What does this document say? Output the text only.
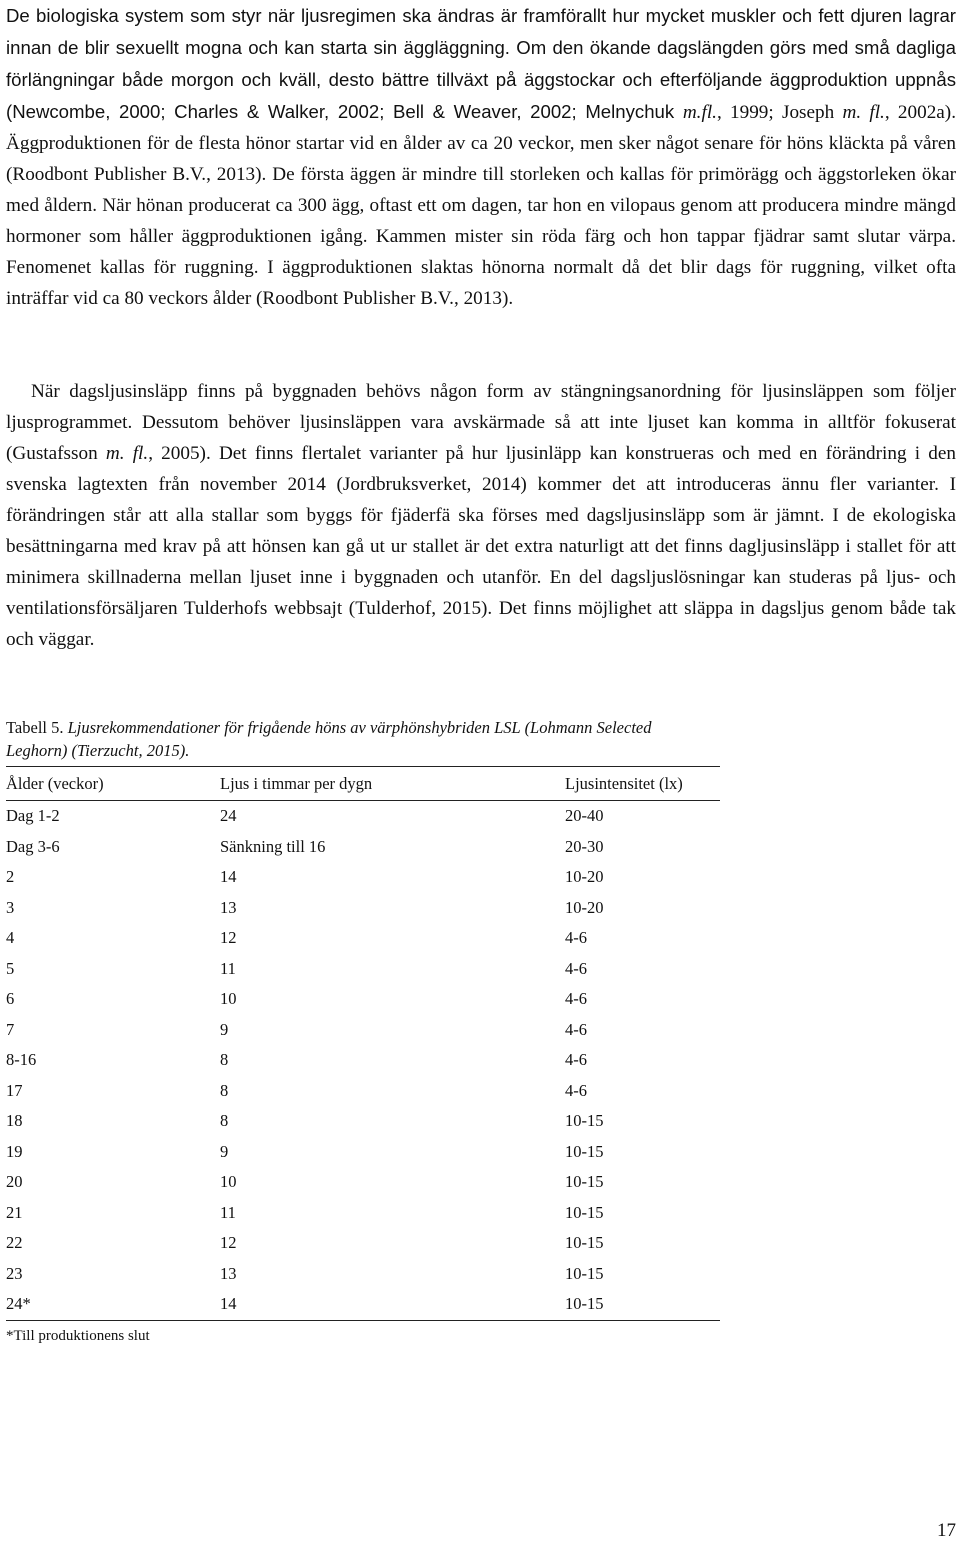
De biologiska system som styr när ljusregimen ska ändras är framförallt hur mycket muskler och fett djuren lagrar innan de blir sexuellt mogna och kan starta sin äggläggning. Om den ökande dagslängden görs med små dagliga förlängningar både morgon och kväll, desto bättre tillväxt på äggstockar och efterföljande äggproduktion uppnås (Newcombe, 2000; Charles & Walker, 2002; Bell & Weaver, 2002; Melnychuk m.fl., 1999; Joseph m. fl., 2002a). Äggproduktionen för de flesta hönor startar vid en ålder av ca 20 veckor, men sker något senare för höns kläckta på våren (Roodbont Publisher B.V., 2013). De första äggen är mindre till storleken och kallas för primörägg och äggstorleken ökar med åldern. När hönan producerat ca 300 ägg, oftast ett om dagen, tar hon en vilopaus genom att producera mindre mängd hormoner som håller äggproduktionen igång. Kammen mister sin röda färg och hon tappar fjädrar samt slutar värpa. Fenomenet kallas för ruggning. I äggproduktionen slaktas hönorna normalt då det blir dags för ruggning, vilket ofta inträffar vid ca 80 veckors ålder (Roodbont Publisher B.V., 2013).

När dagsljusinsläpp finns på byggnaden behövs någon form av stängningsanordning för ljusinsläppen som följer ljusprogrammet. Dessutom behöver ljusinsläppen vara avskärmade så att inte ljuset kan komma in alltför fokuserat (Gustafsson m. fl., 2005). Det finns flertalet varianter på hur ljusinläpp kan konstrueras och med en förändring i den svenska lagtexten från november 2014 (Jordbruksverket, 2014) kommer det att introduceras ännu fler varianter. I förändringen står att alla stallar som byggs för fjäderfä ska förses med dagsljusinsläpp som är jämnt. I de ekologiska besättningarna med krav på att hönsen kan gå ut ur stallet är det extra naturligt att det finns dagljusinsläpp i stallet för att minimera skillnaderna mellan ljuset inne i byggnaden och utanför. En del dagsljuslösningar kan studeras på ljus- och ventilationsförsäljaren Tulderhofs webbsajt (Tulderhof, 2015). Det finns möjlighet att släppa in dagsljus genom både tak och väggar.

Tabell 5. Ljusrekommendationer för frigående höns av värphönshybriden LSL (Lohmann Selected Leghorn) (Tierzucht, 2015).

Ålder (veckor)	Ljus i timmar per dygn	Ljusintensitet (lx)
Dag 1-2	24	20-40
Dag 3-6	Sänkning till 16	20-30
2	14	10-20
3	13	10-20
4	12	4-6
5	11	4-6
6	10	4-6
7	9	4-6
8-16	8	4-6
17	8	4-6
18	8	10-15
19	9	10-15
20	10	10-15
21	11	10-15
22	12	10-15
23	13	10-15
24*	14	10-15

*Till produktionens slut

17
